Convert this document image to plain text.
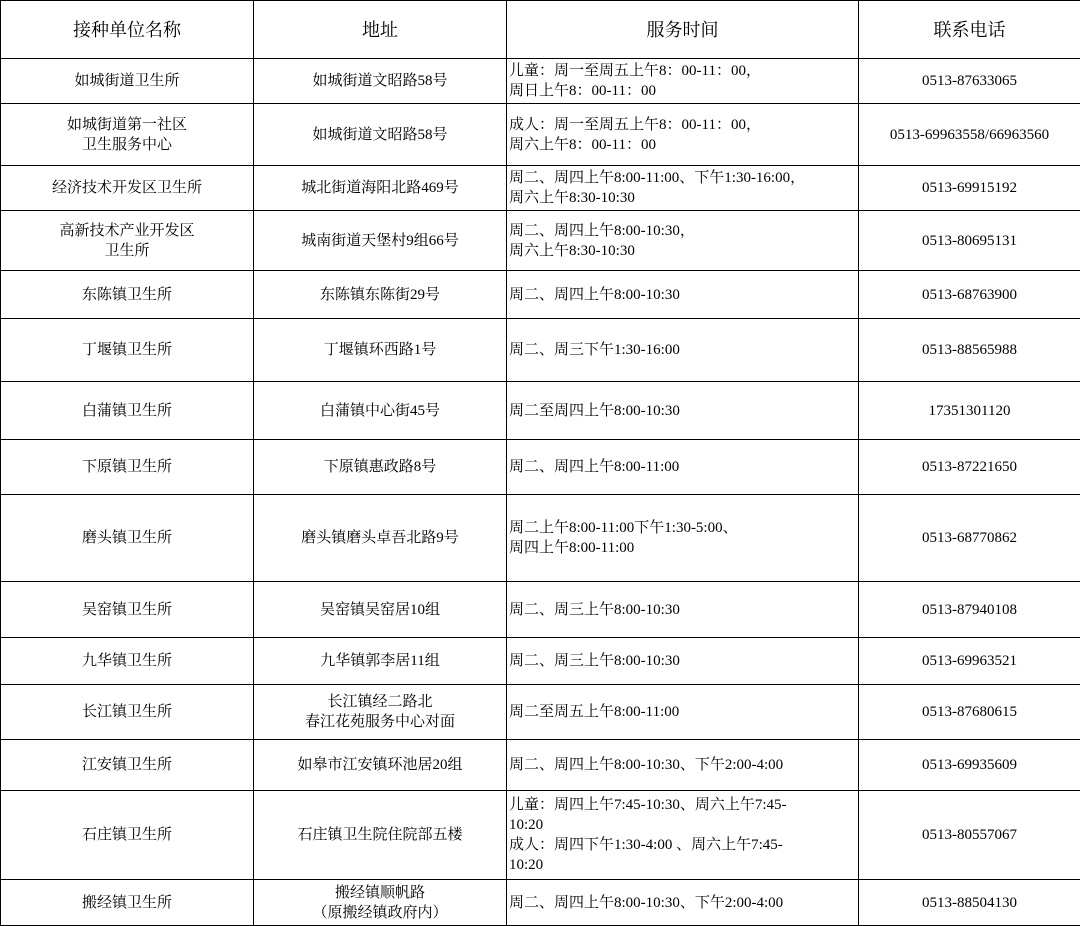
接种单位名称	地址	服务时间	联系电话

如城街道卫生所	如城街道文昭路58号	儿童：周一至周五上午8：00-11：00，
周日上午8：00-11：00	0513-87633065

如城街道第一社区
卫生服务中心	如城街道文昭路58号	成人：周一至周五上午8：00-11：00，
周六上午8：00-11：00	0513-69963558/66963560

经济技术开发区卫生所	城北街道海阳北路469号	周二、周四上午8:00-11:00、下午1:30-16:00，
周六上午8:30-10:30	0513-69915192

高新技术产业开发区
卫生所	城南街道天堡村9组66号	周二、周四上午8:00-10:30，
周六上午8:30-10:30	0513-80695131

东陈镇卫生所	东陈镇东陈街29号	周二、周四上午8:00-10:30	0513-68763900

丁堰镇卫生所	丁堰镇环西路1号	周二、周三下午1:30-16:00	0513-88565988

白蒲镇卫生所	白蒲镇中心街45号	周二至周四上午8:00-10:30	17351301120

下原镇卫生所	下原镇惠政路8号	周二、周四上午8:00-11:00	0513-87221650

磨头镇卫生所	磨头镇磨头卓吾北路9号	周二上午8:00-11:00下午1:30-5:00、
周四上午8:00-11:00	0513-68770862

吴窑镇卫生所	吴窑镇吴窑居10组	周二、周三上午8:00-10:30	0513-87940108

九华镇卫生所	九华镇郭李居11组	周二、周三上午8:00-10:30	0513-69963521

长江镇卫生所	长江镇经二路北
春江花苑服务中心对面	周二至周五上午8:00-11:00	0513-87680615

江安镇卫生所	如皋市江安镇环池居20组	周二、周四上午8:00-10:30、下午2:00-4:00	0513-69935609

石庄镇卫生所	石庄镇卫生院住院部五楼	儿童：周四上午7:45-10:30、周六上午7:45-
10:20
成人：周四下午1:30-4:00 、周六上午7:45-
10:20	0513-80557067

搬经镇卫生所	搬经镇顺帆路
（原搬经镇政府内）	周二、周四上午8:00-10:30、下午2:00-4:00	0513-88504130
